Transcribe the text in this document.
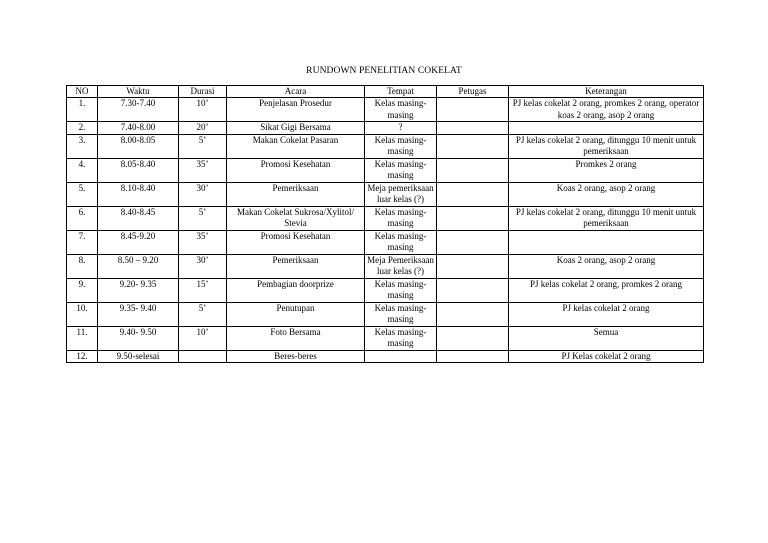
RUNDOWN PENELITIAN COKELAT
NO	Waktu	Durasi	Acara	Tempat	Petugas	Keterangan
1.	7.30-7.40	10’	Penjelasan Prosedur	Kelas masing-masing		PJ kelas cokelat 2 orang, promkes 2 orang, operator koas 2 orang, asop 2 orang
2.	7.40-8.00	20’	Sikat Gigi Bersama	?		
3.	8.00-8.05	5’	Makan Cokelat Pasaran	Kelas masing-masing		PJ kelas cokelat 2 orang, ditunggu 10 menit untuk pemeriksaan
4.	8.05-8.40	35’	Promosi Kesehatan	Kelas masing-masing		Promkes 2 orang
5.	8.10-8.40	30’	Pemeriksaan	Meja pemeriksaan luar kelas (?)		Koas 2 orang, asop 2 orang
6.	8.40-8.45	5’	Makan Cokelat Sukrosa/Xylitol/ Stevia	Kelas masing-masing		PJ kelas cokelat 2 orang, ditunggu 10 menit untuk pemeriksaan
7.	8.45-9.20	35’	Promosi Kesehatan	Kelas masing-masing		
8.	8.50 – 9.20	30’	Pemeriksaan	Meja Pemeriksaan luar kelas (?)		Koas 2 orang, asop 2 orang
9.	9.20- 9.35	15’	Pembagian doorprize	Kelas masing-masing		PJ kelas cokelat 2 orang, promkes 2 orang
10.	9.35- 9.40	5’	Penutupan	Kelas masing-masing		PJ kelas cokelat 2 orang
11.	9.40- 9.50	10’	Foto Bersama	Kelas masing-masing		Semua
12.	9.50-selesai		Beres-beres			PJ Kelas cokelat 2 orang
